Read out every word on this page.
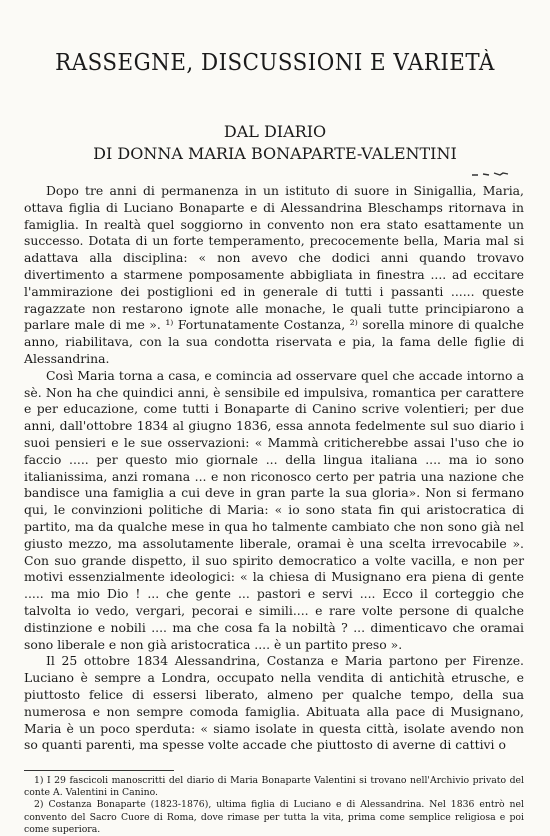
RASSEGNE, DISCUSSIONI E VARIETÀ
DAL DIARIO
DI DONNA MARIA BONAPARTE-VALENTINI

Dopo tre anni di permanenza in un istituto di suore in Sinigallia, Maria, ottava figlia di Luciano Bonaparte e di Alessandrina Bleschamps ritornava in famiglia. In realtà quel soggiorno in convento non era stato esattamente un successo. Dotata di un forte temperamento, precocemente bella, Maria mal si adattava alla disciplina: « non avevo che dodici anni quando trovavo divertimento a starmene pomposamente abbigliata in finestra .... ad eccitare l'ammirazione dei postiglioni ed in generale di tutti i passanti ...... queste ragazzate non restarono ignote alle monache, le quali tutte principiarono a parlare male di me ». ¹⁾ Fortunatamente Costanza, ²⁾ sorella minore di qualche anno, riabilitava, con la sua condotta riservata e pia, la fama delle figlie di Alessandrina.

Così Maria torna a casa, e comincia ad osservare quel che accade intorno a sè. Non ha che quindici anni, è sensibile ed impulsiva, romantica per carattere e per educazione, come tutti i Bonaparte di Canino scrive volentieri; per due anni, dall'ottobre 1834 al giugno 1836, essa annota fedelmente sul suo diario i suoi pensieri e le sue osservazioni: « Mammà criticherebbe assai l'uso che io faccio ..... per questo mio giornale ... della lingua italiana .... ma io sono italianissima, anzi romana ... e non riconosco certo per patria una nazione che bandisce una famiglia a cui deve in gran parte la sua gloria». Non si fermano qui, le convinzioni politiche di Maria: « io sono stata fin qui aristocratica di partito, ma da qualche mese in qua ho talmente cambiato che non sono già nel giusto mezzo, ma assolutamente liberale, oramai è una scelta irrevocabile ». Con suo grande dispetto, il suo spirito democratico a volte vacilla, e non per motivi essenzialmente ideologici: « la chiesa di Musignano era piena di gente ..... ma mio Dio ! ... che gente ... pastori e servi .... Ecco il corteggio che talvolta io vedo, vergari, pecorai e simili.... e rare volte persone di qualche distinzione e nobili .... ma che cosa fa la nobiltà ? ... dimenticavo che oramai sono liberale e non già aristocratica .... è un partito preso ».

Il 25 ottobre 1834 Alessandrina, Costanza e Maria partono per Firenze. Luciano è sempre a Londra, occupato nella vendita di antichità etrusche, e piuttosto felice di essersi liberato, almeno per qualche tempo, della sua numerosa e non sempre comoda famiglia. Abituata alla pace di Musignano, Maria è un poco sperduta: « siamo isolate in questa città, isolate avendo non so quanti parenti, ma spesse volte accade che piuttosto di averne di cattivi o

1) I 29 fascicoli manoscritti del diario di Maria Bonaparte Valentini si trovano nell'Archivio privato del conte A. Valentini in Canino.

2) Costanza Bonaparte (1823-1876), ultima figlia di Luciano e di Alessandrina. Nel 1836 entrò nel convento del Sacro Cuore di Roma, dove rimase per tutta la vita, prima come semplice religiosa e poi come superiora.
